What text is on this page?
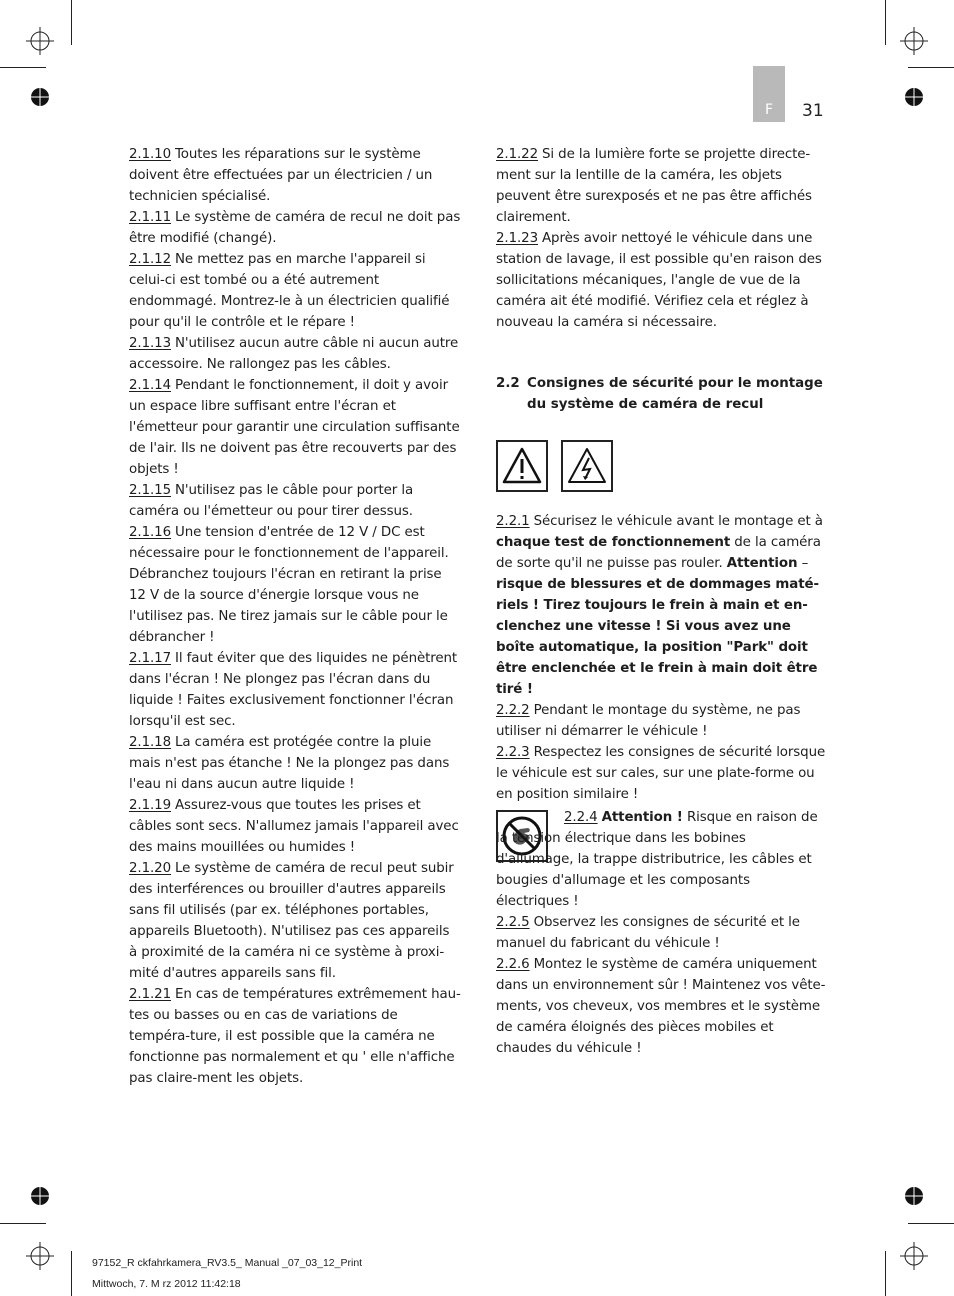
F	31

2.1.10 Toutes les réparations sur le système doivent être effectuées par un électricien / un technicien spécialisé.

2.1.11 Le système de caméra de recul ne doit pas être modifié (changé).

2.1.12 Ne mettez pas en marche l'appareil si celui-ci est tombé ou a été autrement endommagé. Montrez-le à un électricien qualifié pour qu'il le contrôle et le répare !

2.1.13 N'utilisez aucun autre câble ni aucun autre accessoire. Ne rallongez pas les câbles.

2.1.14 Pendant le fonctionnement, il doit y avoir un espace libre suffisant entre l'écran et l'émetteur pour garantir une circulation suffisante de l'air. Ils ne doivent pas être recouverts par des objets !

2.1.15 N'utilisez pas le câble pour porter la caméra ou l'émetteur ou pour tirer dessus.

2.1.16 Une tension d'entrée de 12 V / DC est nécessaire pour le fonctionnement de l'appareil. Débranchez toujours l'écran en retirant la prise 12 V de la source d'énergie lorsque vous ne l'utilisez pas. Ne tirez jamais sur le câble pour le débrancher !

2.1.17 Il faut éviter que des liquides ne pénètrent dans l'écran ! Ne plongez pas l'écran dans du liquide ! Faites exclusivement fonctionner l'écran lorsqu'il est sec.

2.1.18 La caméra est protégée contre la pluie mais n'est pas étanche ! Ne la plongez pas dans l'eau ni dans aucun autre liquide !

2.1.19 Assurez-vous que toutes les prises et câbles sont secs. N'allumez jamais l'appareil avec des mains mouillées ou humides !

2.1.20 Le système de caméra de recul peut subir des interférences ou brouiller d'autres appareils sans fil utilisés (par ex. téléphones portables, appareils Bluetooth). N'utilisez pas ces appareils à proximité de la caméra ni ce système à proxi-mité d'autres appareils sans fil.

2.1.21 En cas de températures extrêmement hau-tes ou basses ou en cas de variations de tempéra-ture, il est possible que la caméra ne fonctionne pas normalement et qu ' elle n'affiche pas claire-ment les objets.

2.1.22 Si de la lumière forte se projette directe-ment sur la lentille de la caméra, les objets peuvent être surexposés et ne pas être affichés clairement.

2.1.23 Après avoir nettoyé le véhicule dans une station de lavage, il est possible qu'en raison des sollicitations mécaniques, l'angle de vue de la caméra ait été modifié. Vérifiez cela et réglez à nouveau la caméra si nécessaire.

2.2 Consignes de sécurité pour le montage
du système de caméra de recul

2.2.1 Sécurisez le véhicule avant le montage et à chaque test de fonctionnement de la caméra de sorte qu'il ne puisse pas rouler. Attention – risque de blessures et de dommages maté-riels ! Tirez toujours le frein à main et en-clenchez une vitesse ! Si vous avez une boîte automatique, la position "Park" doit être enclenchée et le frein à main doit être tiré !

2.2.2 Pendant le montage du système, ne pas utiliser ni démarrer le véhicule !

2.2.3 Respectez les consignes de sécurité lorsque le véhicule est sur cales, sur une plate-forme ou en position similaire !

2.2.4 Attention ! Risque en raison de la tension électrique dans les bobines d'allumage, la trappe distributrice, les câbles et bougies d'allumage et les composants électriques !

2.2.5 Observez les consignes de sécurité et le manuel du fabricant du véhicule !

2.2.6 Montez le système de caméra uniquement dans un environnement sûr ! Maintenez vos vête-ments, vos cheveux, vos membres et le système de caméra éloignés des pièces mobiles et chaudes du véhicule !

97152_R ckfahrkamera_RV3.5_ Manual _07_03_12_Print
Mittwoch, 7. M rz 2012 11:42:18
